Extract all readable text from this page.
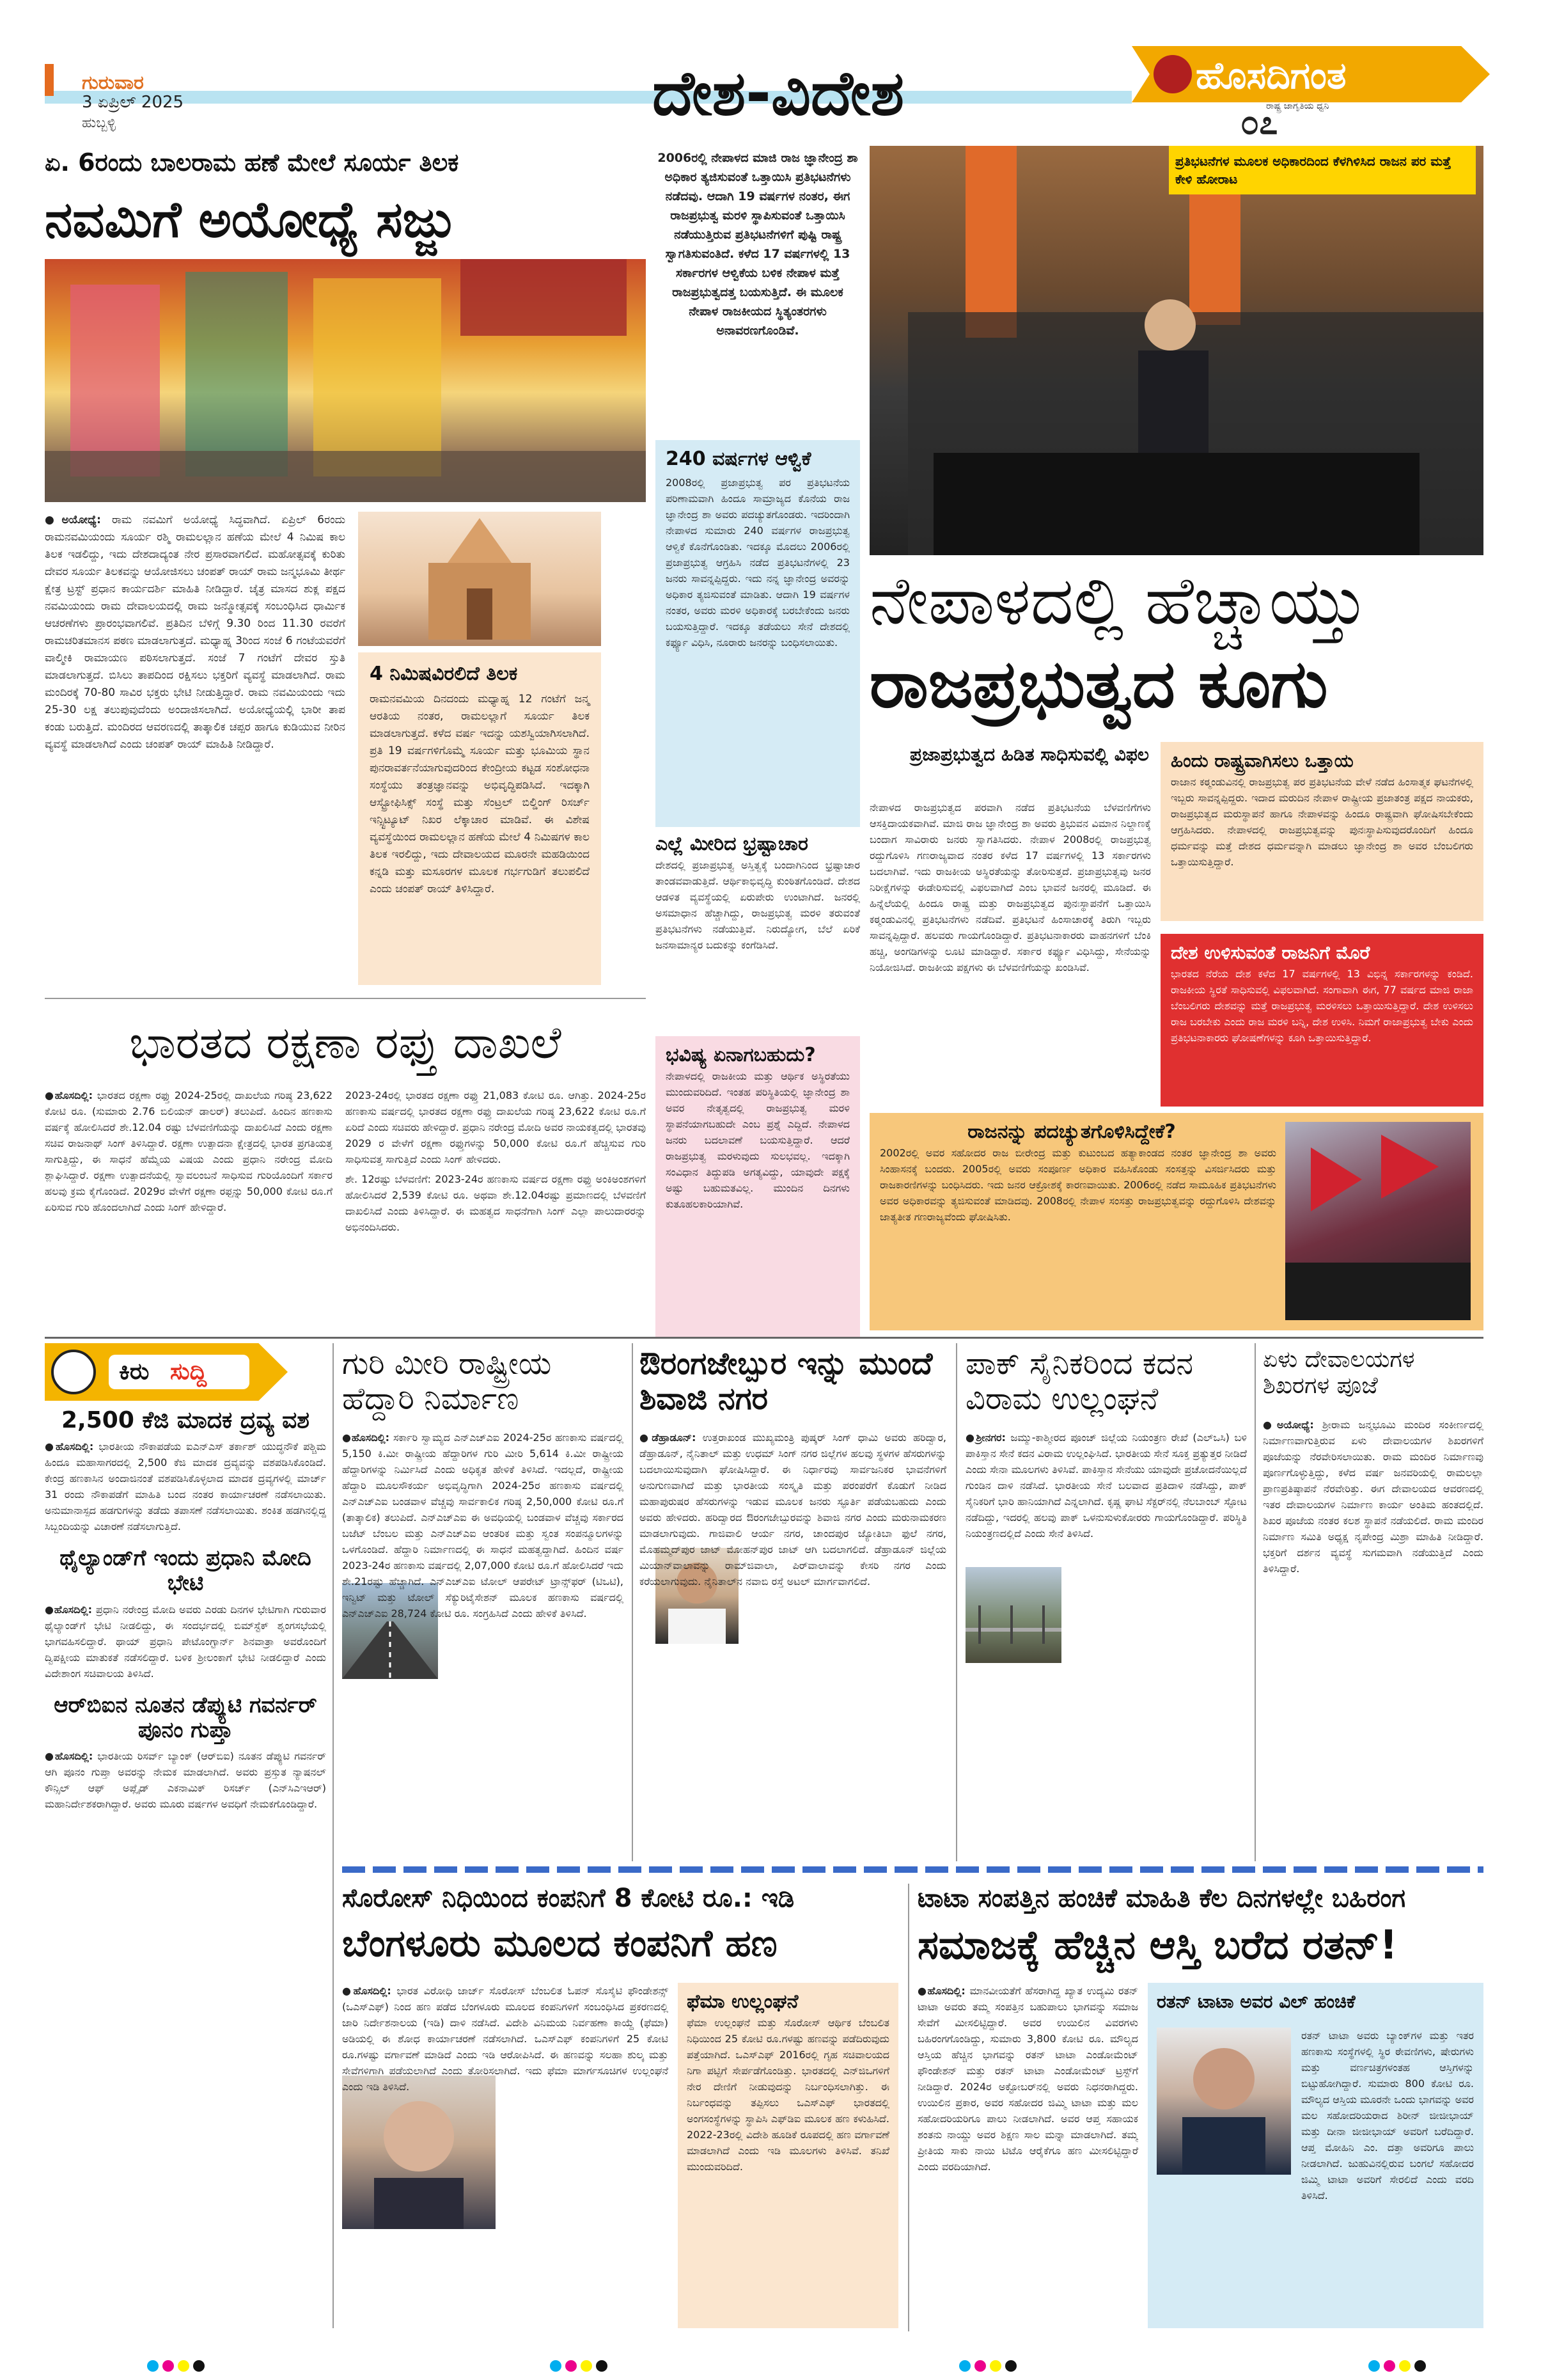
ಗುರುವಾರ
3 ಏಪ್ರಿಲ್ 2025
ಹುಬ್ಬಳ್ಳಿ	ದೇಶ-ವಿದೇಶ	ಹೊಸದಿಗಂತ
ರಾಷ್ಟ್ರ ಜಾಗೃತಿಯ ಧ್ವನಿ
೦೭
ಏ. 6ರಂದು ಬಾಲರಾಮ ಹಣೆ ಮೇಲೆ ಸೂರ್ಯ ತಿಲಕ
ನವಮಿಗೆ ಅಯೋಧ್ಯೆ ಸಜ್ಜು
●ಅಯೋಧ್ಯೆ: ರಾಮ ನವಮಿಗೆ ಅಯೋಧ್ಯೆ ಸಿದ್ಧವಾಗಿದೆ. ಏಪ್ರಿಲ್ 6ರಂದು ರಾಮನವಮಿಯಂದು ಸೂರ್ಯ ರಶ್ಮಿ ರಾಮಲಲ್ಲಾನ ಹಣೆಯ ಮೇಲೆ 4 ನಿಮಿಷ ಕಾಲ ತಿಲಕ ಇಡಲಿದ್ದು, ಇದು ದೇಶದಾದ್ಯಂತ ನೇರ ಪ್ರಸಾರವಾಗಲಿದೆ. ಮಹೋತ್ಸವಕ್ಕೆ ಕುರಿತು ದೇವರ ಸೂರ್ಯ ತಿಲಕವನ್ನು ಆಯೋಜಿಸಲು ಚಂಪತ್ ರಾಯ್ ರಾಮ ಜನ್ಮಭೂಮಿ ತೀರ್ಥ ಕ್ಷೇತ್ರ ಟ್ರಸ್ಟ್ ಪ್ರಧಾನ ಕಾರ್ಯದರ್ಶಿ ಮಾಹಿತಿ ನೀಡಿದ್ದಾರೆ. ಚೈತ್ರ ಮಾಸದ ಶುಕ್ಲ ಪಕ್ಷದ ನವಮಿಯಂದು ರಾಮ ದೇವಾಲಯದಲ್ಲಿ ರಾಮ ಜನ್ಮೋತ್ಸವಕ್ಕೆ ಸಂಬಂಧಿಸಿದ ಧಾರ್ಮಿಕ ಆಚರಣೆಗಳು ಪ್ರಾರಂಭವಾಗಲಿವೆ. ಪ್ರತಿದಿನ ಬೆಳಿಗ್ಗೆ 9.30 ರಿಂದ 11.30 ರವರೆಗೆ ರಾಮಚರಿತಮಾನಸ ಪಠಣ ಮಾಡಲಾಗುತ್ತದೆ. ಮಧ್ಯಾಹ್ನ 3ರಿಂದ ಸಂಜೆ 6 ಗಂಟೆಯವರೆಗೆ ವಾಲ್ಮೀಕಿ ರಾಮಾಯಣ ಪಠಿಸಲಾಗುತ್ತದೆ. ಸಂಜೆ 7 ಗಂಟೆಗೆ ದೇವರ ಸ್ತುತಿ ಮಾಡಲಾಗುತ್ತದೆ. ಬಿಸಿಲು ತಾಪದಿಂದ ರಕ್ಷಿಸಲು ಭಕ್ತರಿಗೆ ವ್ಯವಸ್ಥೆ ಮಾಡಲಾಗಿದೆ. ರಾಮ ಮಂದಿರಕ್ಕೆ 70-80 ಸಾವಿರ ಭಕ್ತರು ಭೇಟಿ ನೀಡುತ್ತಿದ್ದಾರೆ. ರಾಮ ನವಮಿಯಂದು ಇದು 25-30 ಲಕ್ಷ ತಲುಪುವುದೆಂದು ಅಂದಾಜಿಸಲಾಗಿದೆ. ಅಯೋಧ್ಯೆಯಲ್ಲಿ ಭಾರೀ ತಾಪ ಕಂಡು ಬರುತ್ತಿದೆ. ಮಂದಿರದ ಆವರಣದಲ್ಲಿ ತಾತ್ಕಾಲಿಕ ಚಪ್ಪರ ಹಾಗೂ ಕುಡಿಯುವ ನೀರಿನ ವ್ಯವಸ್ಥೆ ಮಾಡಲಾಗಿದೆ ಎಂದು ಚಂಪತ್ ರಾಯ್ ಮಾಹಿತಿ ನೀಡಿದ್ದಾರೆ.
4 ನಿಮಿಷವಿರಲಿದೆ ತಿಲಕ
ರಾಮನವಮಿಯ ದಿನದಂದು ಮಧ್ಯಾಹ್ನ 12 ಗಂಟೆಗೆ ಜನ್ಮ ಆರತಿಯ ನಂತರ, ರಾಮಲಲ್ಲಾಗೆ ಸೂರ್ಯ ತಿಲಕ ಮಾಡಲಾಗುತ್ತದೆ. ಕಳೆದ ವರ್ಷ ಇದನ್ನು ಯಶಸ್ವಿಯಾಗಿಸಲಾಗಿದೆ. ಪ್ರತಿ 19 ವರ್ಷಗಳಿಗೊಮ್ಮೆ ಸೂರ್ಯ ಮತ್ತು ಭೂಮಿಯ ಸ್ಥಾನ ಪುನರಾವರ್ತನೆಯಾಗುವುದರಿಂದ ಕೇಂದ್ರೀಯ ಕಟ್ಟಡ ಸಂಶೋಧನಾ ಸಂಸ್ಥೆಯು ತಂತ್ರಜ್ಞಾನವನ್ನು ಅಭಿವೃದ್ಧಿಪಡಿಸಿದೆ. ಇದಕ್ಕಾಗಿ ಆಸ್ಟ್ರೋಫಿಸಿಕ್ಸ್ ಸಂಸ್ಥೆ ಮತ್ತು ಸೆಂಟ್ರಲ್ ಬಿಲ್ಡಿಂಗ್ ರಿಸರ್ಚ್ ಇನ್ಸ್ಟಿಟ್ಯೂಟ್ ನಿಖರ ಲೆಕ್ಕಾಚಾರ ಮಾಡಿವೆ. ಈ ವಿಶೇಷ ವ್ಯವಸ್ಥೆಯಿಂದ ರಾಮಲಲ್ಲಾನ ಹಣೆಯ ಮೇಲೆ 4 ನಿಮಿಷಗಳ ಕಾಲ ತಿಲಕ ಇರಲಿದ್ದು, ಇದು ದೇವಾಲಯದ ಮೂರನೇ ಮಹಡಿಯಿಂದ ಕನ್ನಡಿ ಮತ್ತು ಮಸೂರಗಳ ಮೂಲಕ ಗರ್ಭಗುಡಿಗೆ ತಲುಪಲಿದೆ ಎಂದು ಚಂಪತ್ ರಾಯ್ ತಿಳಿಸಿದ್ದಾರೆ.
2006ರಲ್ಲಿ ನೇಪಾಳದ ಮಾಜಿ ರಾಜ ಜ್ಞಾನೇಂದ್ರ ಶಾ ಅಧಿಕಾರ ತ್ಯಜಿಸುವಂತೆ ಒತ್ತಾಯಿಸಿ ಪ್ರತಿಭಟನೆಗಳು ನಡೆದವು. ಆದಾಗಿ 19 ವರ್ಷಗಳ ನಂತರ, ಈಗ ರಾಜಪ್ರಭುತ್ವ ಮರಳಿ ಸ್ಥಾಪಿಸುವಂತೆ ಒತ್ತಾಯಿಸಿ ನಡೆಯುತ್ತಿರುವ ಪ್ರತಿಭಟನೆಗಳಿಗೆ ಪುಷ್ಟಿ ರಾಷ್ಟ್ರ ಸ್ವಾಗತಿಸುವಂತಿದೆ. ಕಳೆದ 17 ವರ್ಷಗಳಲ್ಲಿ 13 ಸರ್ಕಾರಗಳ ಆಳ್ವಿಕೆಯ ಬಳಿಕ ನೇಪಾಳ ಮತ್ತೆ ರಾಜಪ್ರಭುತ್ವದತ್ತ ಬಯಸುತ್ತಿದೆ. ಈ ಮೂಲಕ ನೇಪಾಳ ರಾಜಕೀಯದ ಸ್ಥಿತ್ಯಂತರಗಳು ಅನಾವರಣಗೊಂಡಿವೆ.
ಪ್ರತಿಭಟನೆಗಳ ಮೂಲಕ ಅಧಿಕಾರದಿಂದ ಕೆಳಗಿಳಿಸಿದ ರಾಜನ ಪರ ಮತ್ತೆ ಕೇಳಿ ಹೋರಾಟ
240 ವರ್ಷಗಳ ಆಳ್ವಿಕೆ
2008ರಲ್ಲಿ ಪ್ರಜಾಪ್ರಭುತ್ವ ಪರ ಪ್ರತಿಭಟನೆಯ ಪರಿಣಾಮವಾಗಿ ಹಿಂದೂ ಸಾಮ್ರಾಜ್ಯದ ಕೊನೆಯ ರಾಜ ಜ್ಞಾನೇಂದ್ರ ಶಾ ಅವರು ಪದಚ್ಯುತಗೊಂಡರು. ಇದರಿಂದಾಗಿ ನೇಪಾಳದ ಸುಮಾರು 240 ವರ್ಷಗಳ ರಾಜಪ್ರಭುತ್ವ ಆಳ್ವಿಕೆ ಕೊನೆಗೊಂಡಿತು. ಇದಕ್ಕೂ ಮೊದಲು 2006ರಲ್ಲಿ ಪ್ರಜಾಪ್ರಭುತ್ವ ಆಗ್ರಹಿಸಿ ನಡೆದ ಪ್ರತಿಭಟನೆಗಳಲ್ಲಿ 23 ಜನರು ಸಾವನ್ನಪ್ಪಿದ್ದರು. ಇದು ನನ್ನ ಜ್ಞಾನೇಂದ್ರ ಅವರನ್ನು ಅಧಿಕಾರ ತ್ಯಜಿಸುವಂತೆ ಮಾಡಿತು. ಆದಾಗಿ 19 ವರ್ಷಗಳ ನಂತರ, ಅವರು ಮರಳಿ ಅಧಿಕಾರಕ್ಕೆ ಬರಬೇಕೆಂದು ಜನರು ಬಯಸುತ್ತಿದ್ದಾರೆ. ಇದಕ್ಕೂ ತಡೆಯಲು ಸೇನೆ ದೇಶದಲ್ಲಿ ಕರ್ಫ್ಯೂ ವಿಧಿಸಿ, ನೂರಾರು ಜನರನ್ನು ಬಂಧಿಸಲಾಯಿತು.
ಎಲ್ಲೆ ಮೀರಿದ ಭ್ರಷ್ಟಾಚಾರ
ದೇಶದಲ್ಲಿ ಪ್ರಜಾಪ್ರಭುತ್ವ ಅಸ್ತಿತ್ವಕ್ಕೆ ಬಂದಾಗಿನಿಂದ ಭ್ರಷ್ಟಾಚಾರ ತಾಂಡವವಾಡುತ್ತಿದೆ. ಆರ್ಥಿಕಾಭಿವೃದ್ಧಿ ಕುಂಠಿತಗೊಂಡಿದೆ. ದೇಶದ ಆಡಳಿತ ವ್ಯವಸ್ಥೆಯಲ್ಲಿ ಏರುಪೇರು ಉಂಟಾಗಿದೆ. ಜನರಲ್ಲಿ ಅಸಮಾಧಾನ ಹೆಚ್ಚಾಗಿದ್ದು, ರಾಜಪ್ರಭುತ್ವ ಮರಳಿ ತರುವಂತೆ ಪ್ರತಿಭಟನೆಗಳು ನಡೆಯುತ್ತಿವೆ. ನಿರುದ್ಯೋಗ, ಬೆಲೆ ಏರಿಕೆ ಜನಸಾಮಾನ್ಯರ ಬದುಕನ್ನು ಕಂಗೆಡಿಸಿದೆ.
ಭವಿಷ್ಯ ಏನಾಗಬಹುದು?
ನೇಪಾಳದಲ್ಲಿ ರಾಜಕೀಯ ಮತ್ತು ಆರ್ಥಿಕ ಅಸ್ಥಿರತೆಯು ಮುಂದುವರಿದಿದೆ. ಇಂತಹ ಪರಿಸ್ಥಿತಿಯಲ್ಲಿ ಜ್ಞಾನೇಂದ್ರ ಶಾ ಅವರ ನೇತೃತ್ವದಲ್ಲಿ ರಾಜಪ್ರಭುತ್ವ ಮರಳಿ ಸ್ಥಾಪನೆಯಾಗಬಹುದೇ ಎಂಬ ಪ್ರಶ್ನೆ ಎದ್ದಿದೆ. ನೇಪಾಳದ ಜನರು ಬದಲಾವಣೆ ಬಯಸುತ್ತಿದ್ದಾರೆ. ಆದರೆ ರಾಜಪ್ರಭುತ್ವ ಮರಳುವುದು ಸುಲಭವಲ್ಲ. ಇದಕ್ಕಾಗಿ ಸಂವಿಧಾನ ತಿದ್ದುಪಡಿ ಅಗತ್ಯವಿದ್ದು, ಯಾವುದೇ ಪಕ್ಷಕ್ಕೆ ಅಷ್ಟು ಬಹುಮತವಿಲ್ಲ. ಮುಂದಿನ ದಿನಗಳು ಕುತೂಹಲಕಾರಿಯಾಗಿವೆ.
ನೇಪಾಳದಲ್ಲಿ ಹೆಚ್ಚಾಯ್ತು
ರಾಜಪ್ರಭುತ್ವದ ಕೂಗು
ಪ್ರಜಾಪ್ರಭುತ್ವದ ಹಿಡಿತ ಸಾಧಿಸುವಲ್ಲಿ ವಿಫಲ
ನೇಪಾಳದ ರಾಜಪ್ರಭುತ್ವದ ಪರವಾಗಿ ನಡೆದ ಪ್ರತಿಭಟನೆಯ ಬೆಳವಣಿಗೆಗಳು ಆಸಕ್ತಿದಾಯಕವಾಗಿವೆ. ಮಾಜಿ ರಾಜ ಜ್ಞಾನೇಂದ್ರ ಶಾ ಅವರು ತ್ರಿಭುವನ ವಿಮಾನ ನಿಲ್ದಾಣಕ್ಕೆ ಬಂದಾಗ ಸಾವಿರಾರು ಜನರು ಸ್ವಾಗತಿಸಿದರು. ನೇಪಾಳ 2008ರಲ್ಲಿ ರಾಜಪ್ರಭುತ್ವ ರದ್ದುಗೊಳಿಸಿ ಗಣರಾಜ್ಯವಾದ ನಂತರ ಕಳೆದ 17 ವರ್ಷಗಳಲ್ಲಿ 13 ಸರ್ಕಾರಗಳು ಬದಲಾಗಿವೆ. ಇದು ರಾಜಕೀಯ ಅಸ್ಥಿರತೆಯನ್ನು ತೋರಿಸುತ್ತದೆ. ಪ್ರಜಾಪ್ರಭುತ್ವವು ಜನರ ನಿರೀಕ್ಷೆಗಳನ್ನು ಈಡೇರಿಸುವಲ್ಲಿ ವಿಫಲವಾಗಿದೆ ಎಂಬ ಭಾವನೆ ಜನರಲ್ಲಿ ಮೂಡಿದೆ. ಈ ಹಿನ್ನೆಲೆಯಲ್ಲಿ ಹಿಂದೂ ರಾಷ್ಟ್ರ ಮತ್ತು ರಾಜಪ್ರಭುತ್ವದ ಪುನಃಸ್ಥಾಪನೆಗೆ ಒತ್ತಾಯಿಸಿ ಕಠ್ಮಂಡುವಿನಲ್ಲಿ ಪ್ರತಿಭಟನೆಗಳು ನಡೆದಿವೆ. ಪ್ರತಿಭಟನೆ ಹಿಂಸಾಚಾರಕ್ಕೆ ತಿರುಗಿ ಇಬ್ಬರು ಸಾವನ್ನಪ್ಪಿದ್ದಾರೆ. ಹಲವರು ಗಾಯಗೊಂಡಿದ್ದಾರೆ. ಪ್ರತಿಭಟನಾಕಾರರು ವಾಹನಗಳಿಗೆ ಬೆಂಕಿ ಹಚ್ಚಿ, ಅಂಗಡಿಗಳನ್ನು ಲೂಟಿ ಮಾಡಿದ್ದಾರೆ. ಸರ್ಕಾರ ಕರ್ಫ್ಯೂ ವಿಧಿಸಿದ್ದು, ಸೇನೆಯನ್ನು ನಿಯೋಜಿಸಿದೆ. ರಾಜಕೀಯ ಪಕ್ಷಗಳು ಈ ಬೆಳವಣಿಗೆಯನ್ನು ಖಂಡಿಸಿವೆ.
ಹಿಂದು ರಾಷ್ಟ್ರವಾಗಿಸಲು ಒತ್ತಾಯ
ರಾಜಾನ ಕಠ್ಮಂಡುವಿನಲ್ಲಿ ರಾಜಪ್ರಭುತ್ವ ಪರ ಪ್ರತಿಭಟನೆಯ ವೇಳೆ ನಡೆದ ಹಿಂಸಾತ್ಮಕ ಘಟನೆಗಳಲ್ಲಿ ಇಬ್ಬರು ಸಾವನ್ನಪ್ಪಿದ್ದರು. ಇದಾದ ಮರುದಿನ ನೇಪಾಳ ರಾಷ್ಟ್ರೀಯ ಪ್ರಜಾತಂತ್ರ ಪಕ್ಷದ ನಾಯಕರು, ರಾಜಪ್ರಭುತ್ವದ ಮರುಸ್ಥಾಪನೆ ಹಾಗೂ ನೇಪಾಳವನ್ನು ಹಿಂದೂ ರಾಷ್ಟ್ರವಾಗಿ ಘೋಷಿಸಬೇಕೆಂದು ಆಗ್ರಹಿಸಿದರು. ನೇಪಾಳದಲ್ಲಿ ರಾಜಪ್ರಭುತ್ವವನ್ನು ಪುನಃಸ್ಥಾಪಿಸುವುದರೊಂದಿಗೆ ಹಿಂದೂ ಧರ್ಮವನ್ನು ಮತ್ತೆ ದೇಶದ ಧರ್ಮವನ್ನಾಗಿ ಮಾಡಲು ಜ್ಞಾನೇಂದ್ರ ಶಾ ಅವರ ಬೆಂಬಲಿಗರು ಒತ್ತಾಯಿಸುತ್ತಿದ್ದಾರೆ.
ದೇಶ ಉಳಿಸುವಂತೆ ರಾಜನಿಗೆ ಮೊರೆ
ಭಾರತದ ನೆರೆಯ ದೇಶ ಕಳೆದ 17 ವರ್ಷಗಳಲ್ಲಿ 13 ವಿಭಿನ್ನ ಸರ್ಕಾರಗಳನ್ನು ಕಂಡಿದೆ. ರಾಜಕೀಯ ಸ್ಥಿರತೆ ಸಾಧಿಸುವಲ್ಲಿ ವಿಫಲವಾಗಿದೆ. ಸಂಗಾವಾಗಿ ಈಗ, 77 ವರ್ಷದ ಮಾಜಿ ರಾಜಾ ಬೆಂಬಲಿಗರು ದೇಶವನ್ನು ಮತ್ತೆ ರಾಜಪ್ರಭುತ್ವ ಮರಳಿಸಲು ಒತ್ತಾಯಿಸುತ್ತಿದ್ದಾರೆ. ದೇಶ ಉಳಿಸಲು ರಾಜ ಬರಬೇಕು ಎಂದು ರಾಜ ಮರಳಿ ಬನ್ನಿ, ದೇಶ ಉಳಿಸಿ. ನಿಮಗೆ ರಾಜಾಪ್ರಭುತ್ವ ಬೇಕು ಎಂದು ಪ್ರತಿಭಟನಾಕಾರರು ಘೋಷಣೆಗಳನ್ನು ಕೂಗಿ ಒತ್ತಾಯಿಸುತ್ತಿದ್ದಾರೆ.
ರಾಜನನ್ನು ಪದಚ್ಯುತಗೊಳಿಸಿದ್ದೇಕೆ?
2002ರಲ್ಲಿ ಅವರ ಸಹೋದರ ರಾಜ ಬೀರೇಂದ್ರ ಮತ್ತು ಕುಟುಂಬದ ಹತ್ಯಾಕಾಂಡದ ನಂತರ ಜ್ಞಾನೇಂದ್ರ ಶಾ ಅವರು ಸಿಂಹಾಸನಕ್ಕೆ ಬಂದರು. 2005ರಲ್ಲಿ ಅವರು ಸಂಪೂರ್ಣ ಅಧಿಕಾರ ವಹಿಸಿಕೊಂಡು ಸಂಸತ್ತನ್ನು ವಿಸರ್ಜಿಸಿದರು ಮತ್ತು ರಾಜಕಾರಣಿಗಳನ್ನು ಬಂಧಿಸಿದರು. ಇದು ಜನರ ಆಕ್ರೋಶಕ್ಕೆ ಕಾರಣವಾಯಿತು. 2006ರಲ್ಲಿ ನಡೆದ ಸಾಮೂಹಿಕ ಪ್ರತಿಭಟನೆಗಳು ಅವರ ಅಧಿಕಾರವನ್ನು ತ್ಯಜಿಸುವಂತೆ ಮಾಡಿದವು. 2008ರಲ್ಲಿ ನೇಪಾಳ ಸಂಸತ್ತು ರಾಜಪ್ರಭುತ್ವವನ್ನು ರದ್ದುಗೊಳಿಸಿ ದೇಶವನ್ನು ಜಾತ್ಯತೀತ ಗಣರಾಜ್ಯವೆಂದು ಘೋಷಿಸಿತು.
ಭಾರತದ ರಕ್ಷಣಾ ರಫ್ತು ದಾಖಲೆ
●ಹೊಸದಿಲ್ಲಿ: ಭಾರತದ ರಕ್ಷಣಾ ರಫ್ತು 2024-25ರಲ್ಲಿ ದಾಖಲೆಯ ಗರಿಷ್ಠ 23,622 ಕೋಟಿ ರೂ. (ಸುಮಾರು 2.76 ಬಿಲಿಯನ್ ಡಾಲರ್) ತಲುಪಿದೆ. ಹಿಂದಿನ ಹಣಕಾಸು ವರ್ಷಕ್ಕೆ ಹೋಲಿಸಿದರೆ ಶೇ.12.04 ರಷ್ಟು ಬೆಳವಣಿಗೆಯನ್ನು ದಾಖಲಿಸಿದೆ ಎಂದು ರಕ್ಷಣಾ ಸಚಿವ ರಾಜನಾಥ್ ಸಿಂಗ್ ತಿಳಿಸಿದ್ದಾರೆ. ರಕ್ಷಣಾ ಉತ್ಪಾದನಾ ಕ್ಷೇತ್ರದಲ್ಲಿ ಭಾರತ ಪ್ರಗತಿಯತ್ತ ಸಾಗುತ್ತಿದ್ದು, ಈ ಸಾಧನೆ ಹೆಮ್ಮೆಯ ವಿಷಯ ಎಂದು ಪ್ರಧಾನಿ ನರೇಂದ್ರ ಮೋದಿ ಶ್ಲಾಘಿಸಿದ್ದಾರೆ. ರಕ್ಷಣಾ ಉತ್ಪಾದನೆಯಲ್ಲಿ ಸ್ವಾವಲಂಬನೆ ಸಾಧಿಸುವ ಗುರಿಯೊಂದಿಗೆ ಸರ್ಕಾರ ಹಲವು ಕ್ರಮ ಕೈಗೊಂಡಿದೆ. 2029ರ ವೇಳೆಗೆ ರಕ್ಷಣಾ ರಫ್ತನ್ನು 50,000 ಕೋಟಿ ರೂ.ಗೆ ಏರಿಸುವ ಗುರಿ ಹೊಂದಲಾಗಿದೆ ಎಂದು ಸಿಂಗ್ ಹೇಳಿದ್ದಾರೆ.

2023-24ರಲ್ಲಿ ಭಾರತದ ರಕ್ಷಣಾ ರಫ್ತು 21,083 ಕೋಟಿ ರೂ. ಆಗಿತ್ತು. 2024-25ರ ಹಣಕಾಸು ವರ್ಷದಲ್ಲಿ ಭಾರತದ ರಕ್ಷಣಾ ರಫ್ತು ದಾಖಲೆಯ ಗರಿಷ್ಠ 23,622 ಕೋಟಿ ರೂ.ಗೆ ಏರಿದೆ ಎಂದು ಸಚಿವರು ಹೇಳಿದ್ದಾರೆ. ಪ್ರಧಾನಿ ನರೇಂದ್ರ ಮೋದಿ ಅವರ ನಾಯಕತ್ವದಲ್ಲಿ ಭಾರತವು 2029 ರ ವೇಳೆಗೆ ರಕ್ಷಣಾ ರಫ್ತುಗಳನ್ನು 50,000 ಕೋಟಿ ರೂ.ಗೆ ಹೆಚ್ಚಿಸುವ ಗುರಿ ಸಾಧಿಸುವತ್ತ ಸಾಗುತ್ತಿದೆ ಎಂದು ಸಿಂಗ್ ಹೇಳಿದರು.

ಶೇ. 12ರಷ್ಟು ಬೆಳವಣಿಗೆ: 2023-24ರ ಹಣಕಾಸು ವರ್ಷದ ರಕ್ಷಣಾ ರಫ್ತು ಅಂಕಿಅಂಶಗಳಿಗೆ ಹೋಲಿಸಿದರೆ 2,539 ಕೋಟಿ ರೂ. ಅಥವಾ ಶೇ.12.04ರಷ್ಟು ಪ್ರಮಾಣದಲ್ಲಿ ಬೆಳವಣಿಗೆ ದಾಖಲಿಸಿದೆ ಎಂದು ತಿಳಿಸಿದ್ದಾರೆ. ಈ ಮಹತ್ವದ ಸಾಧನೆಗಾಗಿ ಸಿಂಗ್ ಎಲ್ಲಾ ಪಾಲುದಾರರನ್ನು ಅಭಿನಂದಿಸಿದರು.

ಕಿರು ಸುದ್ದಿ
2,500 ಕೆಜಿ ಮಾದಕ ದ್ರವ್ಯ ವಶ
●ಹೊಸದಿಲ್ಲಿ: ಭಾರತೀಯ ನೌಕಾಪಡೆಯ ಐಎನ್ಎಸ್ ತರ್ಕಾಶ್ ಯುದ್ಧನೌಕೆ ಪಶ್ಚಿಮ ಹಿಂದೂ ಮಹಾಸಾಗರದಲ್ಲಿ 2,500 ಕೆಜಿ ಮಾದಕ ದ್ರವ್ಯವನ್ನು ವಶಪಡಿಸಿಕೊಂಡಿದೆ. ಕೇಂದ್ರ ಹಣಕಾಸಿನ ಅಂದಾಜಿನಂತೆ ವಶಪಡಿಸಿಕೊಳ್ಳಲಾದ ಮಾದಕ ದ್ರವ್ಯಗಳಲ್ಲಿ ಮಾರ್ಚ್ 31 ರಂದು ನೌಕಾಪಡೆಗೆ ಮಾಹಿತಿ ಬಂದ ನಂತರ ಕಾರ್ಯಾಚರಣೆ ನಡೆಸಲಾಯಿತು. ಅನುಮಾನಾಸ್ಪದ ಹಡಗುಗಳನ್ನು ತಡೆದು ತಪಾಸಣೆ ನಡೆಸಲಾಯಿತು. ಶಂಕಿತ ಹಡಗಿನಲ್ಲಿದ್ದ ಸಿಬ್ಬಂದಿಯನ್ನು ವಿಚಾರಣೆ ನಡೆಸಲಾಗುತ್ತಿದೆ.
ಥೈಲ್ಯಾಂಡ್‌ಗೆ ಇಂದು ಪ್ರಧಾನಿ ಮೋದಿ ಭೇಟಿ
●ಹೊಸದಿಲ್ಲಿ: ಪ್ರಧಾನಿ ನರೇಂದ್ರ ಮೋದಿ ಅವರು ಎರಡು ದಿನಗಳ ಭೇಟಿಗಾಗಿ ಗುರುವಾರ ಥೈಲ್ಯಾಂಡ್‌ಗೆ ಭೇಟಿ ನೀಡಲಿದ್ದು, ಈ ಸಂದರ್ಭದಲ್ಲಿ ಬಿಮ್‌ಸ್ಟೆಕ್ ಶೃಂಗಸಭೆಯಲ್ಲಿ ಭಾಗವಹಿಸಲಿದ್ದಾರೆ. ಥಾಯ್ ಪ್ರಧಾನಿ ಪೇಟೊಂಗ್ಟಾರ್ನ್ ಶಿನವಾತ್ರಾ ಅವರೊಂದಿಗೆ ದ್ವಿಪಕ್ಷೀಯ ಮಾತುಕತೆ ನಡೆಸಲಿದ್ದಾರೆ. ಬಳಿಕ ಶ್ರೀಲಂಕಾಗೆ ಭೇಟಿ ನೀಡಲಿದ್ದಾರೆ ಎಂದು ವಿದೇಶಾಂಗ ಸಚಿವಾಲಯ ತಿಳಿಸಿದೆ.
ಆರ್‌ಬಿಐನ ನೂತನ ಡೆಪ್ಯುಟಿ ಗವರ್ನರ್ ಪೂನಂ ಗುಪ್ತಾ
●ಹೊಸದಿಲ್ಲಿ: ಭಾರತೀಯ ರಿಸರ್ವ್ ಬ್ಯಾಂಕ್ (ಆರ್‌ಬಿಐ) ನೂತನ ಡೆಪ್ಯುಟಿ ಗವರ್ನರ್ ಆಗಿ ಪೂನಂ ಗುಪ್ತಾ ಅವರನ್ನು ನೇಮಕ ಮಾಡಲಾಗಿದೆ. ಅವರು ಪ್ರಸ್ತುತ ನ್ಯಾಷನಲ್ ಕೌನ್ಸಿಲ್ ಆಫ್ ಅಪ್ಲೈಡ್ ಎಕನಾಮಿಕ್ ರಿಸರ್ಚ್ (ಎನ್‌ಸಿಎಇಆರ್) ಮಹಾನಿರ್ದೇಶಕರಾಗಿದ್ದಾರೆ. ಅವರು ಮೂರು ವರ್ಷಗಳ ಅವಧಿಗೆ ನೇಮಕಗೊಂಡಿದ್ದಾರೆ.
ಗುರಿ ಮೀರಿ ರಾಷ್ಟ್ರೀಯ ಹೆದ್ದಾರಿ ನಿರ್ಮಾಣ
●ಹೊಸದಿಲ್ಲಿ: ಸರ್ಕಾರಿ ಸ್ವಾಮ್ಯದ ಎನ್‌ಎಚ್‌ಎಐ 2024-25ರ ಹಣಕಾಸು ವರ್ಷದಲ್ಲಿ 5,150 ಕಿ.ಮೀ ರಾಷ್ಟ್ರೀಯ ಹೆದ್ದಾರಿಗಳ ಗುರಿ ಮೀರಿ 5,614 ಕಿ.ಮೀ ರಾಷ್ಟ್ರೀಯ ಹೆದ್ದಾರಿಗಳನ್ನು ನಿರ್ಮಿಸಿದೆ ಎಂದು ಅಧಿಕೃತ ಹೇಳಿಕೆ ತಿಳಿಸಿದೆ. ಇದಲ್ಲದೆ, ರಾಷ್ಟ್ರೀಯ ಹೆದ್ದಾರಿ ಮೂಲಸೌಕರ್ಯ ಅಭಿವೃದ್ಧಿಗಾಗಿ 2024-25ರ ಹಣಕಾಸು ವರ್ಷದಲ್ಲಿ ಎನ್‌ಎಚ್‌ಎಐ ಬಂಡವಾಳ ವೆಚ್ಚವು ಸಾರ್ವಕಾಲಿಕ ಗರಿಷ್ಠ 2,50,000 ಕೋಟಿ ರೂ.ಗೆ (ತಾತ್ಕಾಲಿಕ) ತಲುಪಿದೆ. ಎನ್‌ಎಚ್‌ಎಐ ಈ ಅವಧಿಯಲ್ಲಿ ಬಂಡವಾಳ ವೆಚ್ಚವು ಸರ್ಕಾರದ ಬಜೆಟ್ ಬೆಂಬಲ ಮತ್ತು ಎನ್‌ಎಚ್‌ಎಐ ಆಂತರಿಕ ಮತ್ತು ಸ್ವಂತ ಸಂಪನ್ಮೂಲಗಳನ್ನು ಒಳಗೊಂಡಿದೆ. ಹೆದ್ದಾರಿ ನಿರ್ಮಾಣದಲ್ಲಿ ಈ ಸಾಧನೆ ಮಹತ್ವದ್ದಾಗಿದೆ. ಹಿಂದಿನ ವರ್ಷ 2023-24ರ ಹಣಕಾಸು ವರ್ಷದಲ್ಲಿ 2,07,000 ಕೋಟಿ ರೂ.ಗೆ ಹೋಲಿಸಿದರೆ ಇದು ಶೇ.21ರಷ್ಟು ಹೆಚ್ಚಾಗಿದೆ. ಎನ್‌ಎಚ್‌ಎಐ ಟೋಲ್ ಆಪರೇಟ್ ಟ್ರಾನ್ಸ್‌ಫರ್ (ಟಿಒಟಿ), ಇನ್ವಿಟ್ ಮತ್ತು ಟೋಲ್ ಸೆಕ್ಯುರಿಟೈಸೇಶನ್ ಮೂಲಕ ಹಣಕಾಸು ವರ್ಷದಲ್ಲಿ ಎನ್‌ಎಚ್‌ಎಐ 28,724 ಕೋಟಿ ರೂ. ಸಂಗ್ರಹಿಸಿದೆ ಎಂದು ಹೇಳಿಕೆ ತಿಳಿಸಿದೆ.
ಔರಂಗಜೇಬ್ಪುರ ಇನ್ನು ಮುಂದೆ ಶಿವಾಜಿ ನಗರ
●ಡೆಹ್ರಾಡೂನ್: ಉತ್ತರಾಖಂಡ ಮುಖ್ಯಮಂತ್ರಿ ಪುಷ್ಕರ್ ಸಿಂಗ್ ಧಾಮಿ ಅವರು ಹರಿದ್ವಾರ, ಡೆಹ್ರಾಡೂನ್, ನೈನಿತಾಲ್ ಮತ್ತು ಉಧಮ್ ಸಿಂಗ್ ನಗರ ಜಿಲ್ಲೆಗಳ ಹಲವು ಸ್ಥಳಗಳ ಹೆಸರುಗಳನ್ನು ಬದಲಾಯಿಸುವುದಾಗಿ ಘೋಷಿಸಿದ್ದಾರೆ. ಈ ನಿರ್ಧಾರವು ಸಾರ್ವಜನಿಕರ ಭಾವನೆಗಳಿಗೆ ಅನುಗುಣವಾಗಿದೆ ಮತ್ತು ಭಾರತೀಯ ಸಂಸ್ಕೃತಿ ಮತ್ತು ಪರಂಪರೆಗೆ ಕೊಡುಗೆ ನೀಡಿದ ಮಹಾಪುರುಷರ ಹೆಸರುಗಳನ್ನು ಇಡುವ ಮೂಲಕ ಜನರು ಸ್ಫೂರ್ತಿ ಪಡೆಯಬಹುದು ಎಂದು ಅವರು ಹೇಳಿದರು. ಹರಿದ್ವಾರದ ಔರಂಗಜೇಬ್ಪುರವನ್ನು ಶಿವಾಜಿ ನಗರ ಎಂದು ಮರುನಾಮಕರಣ ಮಾಡಲಾಗುವುದು. ಗಾಜಿವಾಲಿ ಆರ್ಯ ನಗರ, ಚಾಂದಪುರ ಜ್ಯೋತಿಬಾ ಫುಲೆ ನಗರ, ಮೊಹಮ್ಮದ್‌ಪುರ ಜಾಟ್ ಮೋಹನ್‌ಪುರ ಜಾಟ್ ಆಗಿ ಬದಲಾಗಲಿದೆ. ಡೆಹ್ರಾಡೂನ್ ಜಿಲ್ಲೆಯ ಮಿಯಾನ್‌ವಾಲಾವನ್ನು ರಾಮ್‌ಜಿವಾಲಾ, ಪಿರ್‌ವಾಲಾವನ್ನು ಕೇಸರಿ ನಗರ ಎಂದು ಕರೆಯಲಾಗುವುದು. ನೈನಿತಾಲ್‌ನ ನವಾಬಿ ರಸ್ತೆ ಅಟಲ್ ಮಾರ್ಗವಾಗಲಿದೆ.
ಪಾಕ್ ಸೈನಿಕರಿಂದ ಕದನ ವಿರಾಮ ಉಲ್ಲಂಘನೆ
●ಶ್ರೀನಗರ: ಜಮ್ಮು-ಕಾಶ್ಮೀರದ ಪೂಂಚ್ ಜಿಲ್ಲೆಯ ನಿಯಂತ್ರಣ ರೇಖೆ (ಎಲ್‌ಒಸಿ) ಬಳಿ ಪಾಕಿಸ್ತಾನ ಸೇನೆ ಕದನ ವಿರಾಮ ಉಲ್ಲಂಘಿಸಿದೆ. ಭಾರತೀಯ ಸೇನೆ ಸೂಕ್ತ ಪ್ರತ್ಯುತ್ತರ ನೀಡಿದೆ ಎಂದು ಸೇನಾ ಮೂಲಗಳು ತಿಳಿಸಿವೆ. ಪಾಕಿಸ್ತಾನ ಸೇನೆಯು ಯಾವುದೇ ಪ್ರಚೋದನೆಯಿಲ್ಲದೆ ಗುಂಡಿನ ದಾಳಿ ನಡೆಸಿದೆ. ಭಾರತೀಯ ಸೇನೆ ಬಲವಾದ ಪ್ರತಿದಾಳಿ ನಡೆಸಿದ್ದು, ಪಾಕ್ ಸೈನಿಕರಿಗೆ ಭಾರಿ ಹಾನಿಯಾಗಿದೆ ಎನ್ನಲಾಗಿದೆ. ಕೃಷ್ಣ ಘಾಟಿ ಸೆಕ್ಟರ್‌ನಲ್ಲಿ ನೆಲಬಾಂಬ್ ಸ್ಫೋಟ ನಡೆದಿದ್ದು, ಇದರಲ್ಲಿ ಹಲವು ಪಾಕ್ ಒಳನುಸುಳುಕೋರರು ಗಾಯಗೊಂಡಿದ್ದಾರೆ. ಪರಿಸ್ಥಿತಿ ನಿಯಂತ್ರಣದಲ್ಲಿದೆ ಎಂದು ಸೇನೆ ತಿಳಿಸಿದೆ.
ಏಳು ದೇವಾಲಯಗಳ ಶಿಖರಗಳ ಪೂಜೆ
●ಅಯೋಧ್ಯೆ: ಶ್ರೀರಾಮ ಜನ್ಮಭೂಮಿ ಮಂದಿರ ಸಂಕೀರ್ಣದಲ್ಲಿ ನಿರ್ಮಾಣವಾಗುತ್ತಿರುವ ಏಳು ದೇವಾಲಯಗಳ ಶಿಖರಗಳಿಗೆ ಪೂಜೆಯನ್ನು ನೆರವೇರಿಸಲಾಯಿತು. ರಾಮ ಮಂದಿರ ನಿರ್ಮಾಣವು ಪೂರ್ಣಗೊಳ್ಳುತ್ತಿದ್ದು, ಕಳೆದ ವರ್ಷ ಜನವರಿಯಲ್ಲಿ ರಾಮಲಲ್ಲಾ ಪ್ರಾಣಪ್ರತಿಷ್ಠಾಪನೆ ನೆರವೇರಿತ್ತು. ಈಗ ದೇವಾಲಯದ ಆವರಣದಲ್ಲಿ ಇತರ ದೇವಾಲಯಗಳ ನಿರ್ಮಾಣ ಕಾರ್ಯ ಅಂತಿಮ ಹಂತದಲ್ಲಿದೆ. ಶಿಖರ ಪೂಜೆಯ ನಂತರ ಕಲಶ ಸ್ಥಾಪನೆ ನಡೆಯಲಿದೆ. ರಾಮ ಮಂದಿರ ನಿರ್ಮಾಣ ಸಮಿತಿ ಅಧ್ಯಕ್ಷ ನೃಪೇಂದ್ರ ಮಿಶ್ರಾ ಮಾಹಿತಿ ನೀಡಿದ್ದಾರೆ. ಭಕ್ತರಿಗೆ ದರ್ಶನ ವ್ಯವಸ್ಥೆ ಸುಗಮವಾಗಿ ನಡೆಯುತ್ತಿದೆ ಎಂದು ತಿಳಿಸಿದ್ದಾರೆ.
ಸೊರೋಸ್ ನಿಧಿಯಿಂದ ಕಂಪನಿಗೆ 8 ಕೋಟಿ ರೂ.: ಇಡಿ
ಬೆಂಗಳೂರು ಮೂಲದ ಕಂಪನಿಗೆ ಹಣ
●ಹೊಸದಿಲ್ಲಿ: ಭಾರತ ವಿರೋಧಿ ಜಾರ್ಜ್ ಸೊರೋಸ್ ಬೆಂಬಲಿತ ಓಪನ್ ಸೊಸೈಟಿ ಫೌಂಡೇಶನ್ಸ್ (ಒಎಸ್‌ಎಫ್) ನಿಂದ ಹಣ ಪಡೆದ ಬೆಂಗಳೂರು ಮೂಲದ ಕಂಪನಿಗಳಿಗೆ ಸಂಬಂಧಿಸಿದ ಪ್ರಕರಣದಲ್ಲಿ ಜಾರಿ ನಿರ್ದೇಶನಾಲಯ (ಇಡಿ) ದಾಳಿ ನಡೆಸಿದೆ. ವಿದೇಶಿ ವಿನಿಮಯ ನಿರ್ವಹಣಾ ಕಾಯ್ದೆ (ಫೆಮಾ) ಅಡಿಯಲ್ಲಿ ಈ ಶೋಧ ಕಾರ್ಯಾಚರಣೆ ನಡೆಸಲಾಗಿದೆ. ಒಎಸ್‌ಎಫ್ ಕಂಪನಿಗಳಿಗೆ 25 ಕೋಟಿ ರೂ.ಗಳಷ್ಟು ವರ್ಗಾವಣೆ ಮಾಡಿದೆ ಎಂದು ಇಡಿ ಆರೋಪಿಸಿದೆ. ಈ ಹಣವನ್ನು ಸಲಹಾ ಶುಲ್ಕ ಮತ್ತು ಸೇವೆಗಳಿಗಾಗಿ ಪಡೆಯಲಾಗಿದೆ ಎಂದು ತೋರಿಸಲಾಗಿದೆ. ಇದು ಫೆಮಾ ಮಾರ್ಗಸೂಚಿಗಳ ಉಲ್ಲಂಘನೆ ಎಂದು ಇಡಿ ತಿಳಿಸಿದೆ.
ಫೆಮಾ ಉಲ್ಲಂಘನೆ
ಫೆಮಾ ಉಲ್ಲಂಘನೆ ಮತ್ತು ಸೊರೋಸ್ ಆರ್ಥಿಕ ಬೆಂಬಲಿತ ನಿಧಿಯಿಂದ 25 ಕೋಟಿ ರೂ.ಗಳಷ್ಟು ಹಣವನ್ನು ಪಡೆದಿರುವುದು ಪತ್ತೆಯಾಗಿದೆ. ಒಎಸ್‌ಎಫ್ 2016ರಲ್ಲಿ ಗೃಹ ಸಚಿವಾಲಯದ ನಿಗಾ ಪಟ್ಟಿಗೆ ಸೇರ್ಪಡೆಗೊಂಡಿತ್ತು. ಭಾರತದಲ್ಲಿ ಎನ್‌ಜಿಒಗಳಿಗೆ ನೇರ ದೇಣಿಗೆ ನೀಡುವುದನ್ನು ನಿರ್ಬಂಧಿಸಲಾಗಿತ್ತು. ಈ ನಿರ್ಬಂಧವನ್ನು ತಪ್ಪಿಸಲು ಒಎಸ್‌ಎಫ್ ಭಾರತದಲ್ಲಿ ಅಂಗಸಂಸ್ಥೆಗಳನ್ನು ಸ್ಥಾಪಿಸಿ ಎಫ್‌ಡಿಐ ಮೂಲಕ ಹಣ ಕಳುಹಿಸಿದೆ. 2022-23ರಲ್ಲಿ ವಿದೇಶಿ ಹೂಡಿಕೆ ರೂಪದಲ್ಲಿ ಹಣ ವರ್ಗಾವಣೆ ಮಾಡಲಾಗಿದೆ ಎಂದು ಇಡಿ ಮೂಲಗಳು ತಿಳಿಸಿವೆ. ತನಿಖೆ ಮುಂದುವರಿದಿದೆ.
ಟಾಟಾ ಸಂಪತ್ತಿನ ಹಂಚಿಕೆ ಮಾಹಿತಿ ಕೆಲ ದಿನಗಳಲ್ಲೇ ಬಹಿರಂಗ
ಸಮಾಜಕ್ಕೆ ಹೆಚ್ಚಿನ ಆಸ್ತಿ ಬರೆದ ರತನ್!
●ಹೊಸದಿಲ್ಲಿ: ಮಾನವೀಯತೆಗೆ ಹೆಸರಾಗಿದ್ದ ಖ್ಯಾತ ಉದ್ಯಮಿ ರತನ್ ಟಾಟಾ ಅವರು ತಮ್ಮ ಸಂಪತ್ತಿನ ಬಹುಪಾಲು ಭಾಗವನ್ನು ಸಮಾಜ ಸೇವೆಗೆ ಮೀಸಲಿಟ್ಟಿದ್ದಾರೆ. ಅವರ ಉಯಿಲಿನ ವಿವರಗಳು ಬಹಿರಂಗಗೊಂಡಿದ್ದು, ಸುಮಾರು 3,800 ಕೋಟಿ ರೂ. ಮೌಲ್ಯದ ಆಸ್ತಿಯ ಹೆಚ್ಚಿನ ಭಾಗವನ್ನು ರತನ್ ಟಾಟಾ ಎಂಡೋಮೆಂಟ್ ಫೌಂಡೇಶನ್ ಮತ್ತು ರತನ್ ಟಾಟಾ ಎಂಡೋಮೆಂಟ್ ಟ್ರಸ್ಟ್‌ಗೆ ನೀಡಿದ್ದಾರೆ. 2024ರ ಅಕ್ಟೋಬರ್‌ನಲ್ಲಿ ಅವರು ನಿಧನರಾಗಿದ್ದರು. ಉಯಿಲಿನ ಪ್ರಕಾರ, ಅವರ ಸಹೋದರ ಜಿಮ್ಮಿ ಟಾಟಾ ಮತ್ತು ಮಲ ಸಹೋದರಿಯರಿಗೂ ಪಾಲು ನೀಡಲಾಗಿದೆ. ಅವರ ಆಪ್ತ ಸಹಾಯಕ ಶಂತನು ನಾಯ್ಡು ಅವರ ಶಿಕ್ಷಣ ಸಾಲ ಮನ್ನಾ ಮಾಡಲಾಗಿದೆ. ತಮ್ಮ ಪ್ರೀತಿಯ ಸಾಕು ನಾಯಿ ಟಿಟೊ ಆರೈಕೆಗೂ ಹಣ ಮೀಸಲಿಟ್ಟಿದ್ದಾರೆ ಎಂದು ವರದಿಯಾಗಿದೆ.
ರತನ್ ಟಾಟಾ ಅವರ ವಿಲ್ ಹಂಚಿಕೆ
ರತನ್ ಟಾಟಾ ಅವರು ಬ್ಯಾಂಕ್‌ಗಳ ಮತ್ತು ಇತರ ಹಣಕಾಸು ಸಂಸ್ಥೆಗಳಲ್ಲಿ ಸ್ಥಿರ ಠೇವಣಿಗಳು, ಷೇರುಗಳು ಮತ್ತು ವರ್ಣಚಿತ್ರಗಳಂತಹ ಆಸ್ತಿಗಳನ್ನು ಬಿಟ್ಟುಹೋಗಿದ್ದಾರೆ. ಸುಮಾರು 800 ಕೋಟಿ ರೂ. ಮೌಲ್ಯದ ಆಸ್ತಿಯ ಮೂರನೇ ಒಂದು ಭಾಗವನ್ನು ಅವರ ಮಲ ಸಹೋದರಿಯರಾದ ಶಿರೀನ್ ಜೀಜೀಭಾಯ್ ಮತ್ತು ದೀನಾ ಜೀಜೀಭಾಯ್ ಅವರಿಗೆ ಬರೆದಿದ್ದಾರೆ. ಆಪ್ತ ಮೋಹಿನಿ ಎಂ. ದತ್ತಾ ಅವರಿಗೂ ಪಾಲು ನೀಡಲಾಗಿದೆ. ಜುಹುವಿನಲ್ಲಿರುವ ಬಂಗಲೆ ಸಹೋದರ ಜಿಮ್ಮಿ ಟಾಟಾ ಅವರಿಗೆ ಸೇರಲಿದೆ ಎಂದು ವರದಿ ತಿಳಿಸಿದೆ.
